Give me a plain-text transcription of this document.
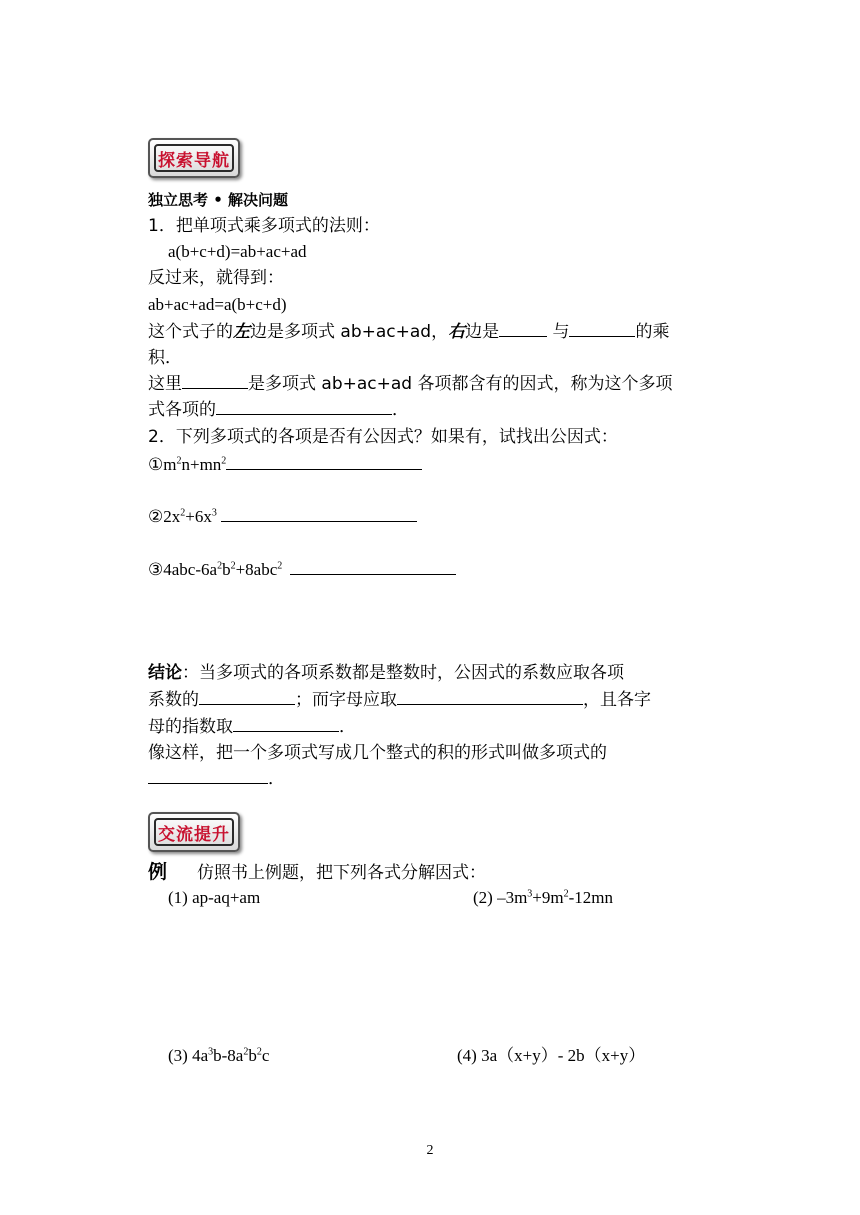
探索导航
独立思考 • 解决问题
1．把单项式乘多项式的法则：
a(b+c+d)=ab+ac+ad
反过来，就得到：
ab+ac+ad=a(b+c+d)
这个式子的左边是多项式 ab+ac+ad，右边是	与	的乘
积．
这里	是多项式 ab+ac+ad 各项都含有的因式，称为这个多项
式各项的	．
2．下列多项式的各项是否有公因式？如果有，试找出公因式：
$①m^2n+mn^2$
$②2x^2+6x^3$
$③4abc-6a^2b^2+8abc^2$
结论：当多项式的各项系数都是整数时，公因式的系数应取各项
系数的	；而字母应取	，且各字
母的指数取	．
像这样，把一个多项式写成几个整式的积的形式叫做多项式的
．
交流提升
例 仿照书上例题，把下列各式分解因式：
(1) ap-aq+am	(2) $-3m^3+9m^2-12mn$
(3) $4a^3b-8a^2b^2c$	(4) 3a（x+y）- 2b（x+y）
2
